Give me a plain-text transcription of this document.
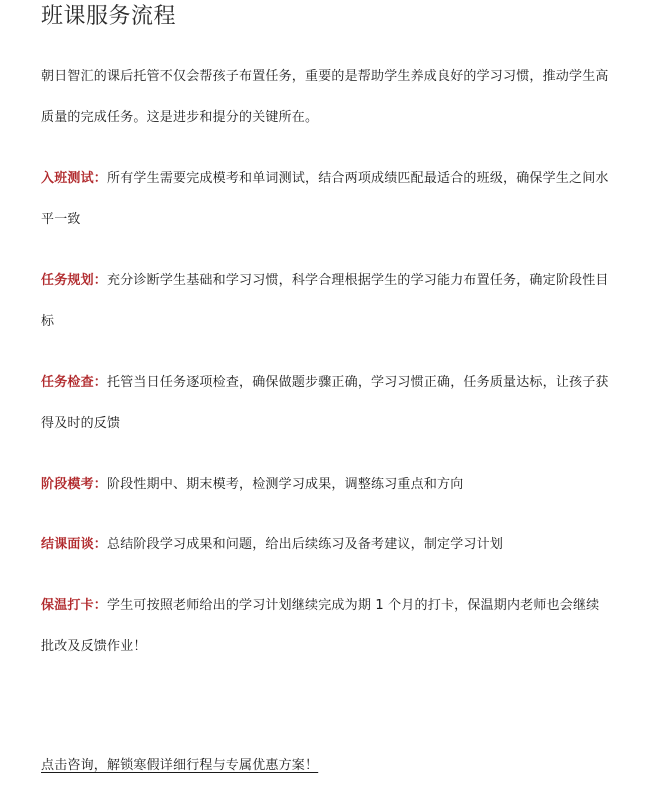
班课服务流程
朝日智汇的课后托管不仅会帮孩子布置任务，重要的是帮助学生养成良好的学习习惯，推动学生高质量的完成任务。这是进步和提分的关键所在。
入班测试：所有学生需要完成模考和单词测试，结合两项成绩匹配最适合的班级，确保学生之间水平一致
任务规划：充分诊断学生基础和学习习惯，科学合理根据学生的学习能力布置任务，确定阶段性目标
任务检查：托管当日任务逐项检查，确保做题步骤正确，学习习惯正确，任务质量达标，让孩子获得及时的反馈
阶段模考：阶段性期中、期末模考，检测学习成果，调整练习重点和方向
结课面谈：总结阶段学习成果和问题，给出后续练习及备考建议，制定学习计划
保温打卡：学生可按照老师给出的学习计划继续完成为期 1 个月的打卡，保温期内老师也会继续批改及反馈作业！
点击咨询，解锁寒假详细行程与专属优惠方案！
